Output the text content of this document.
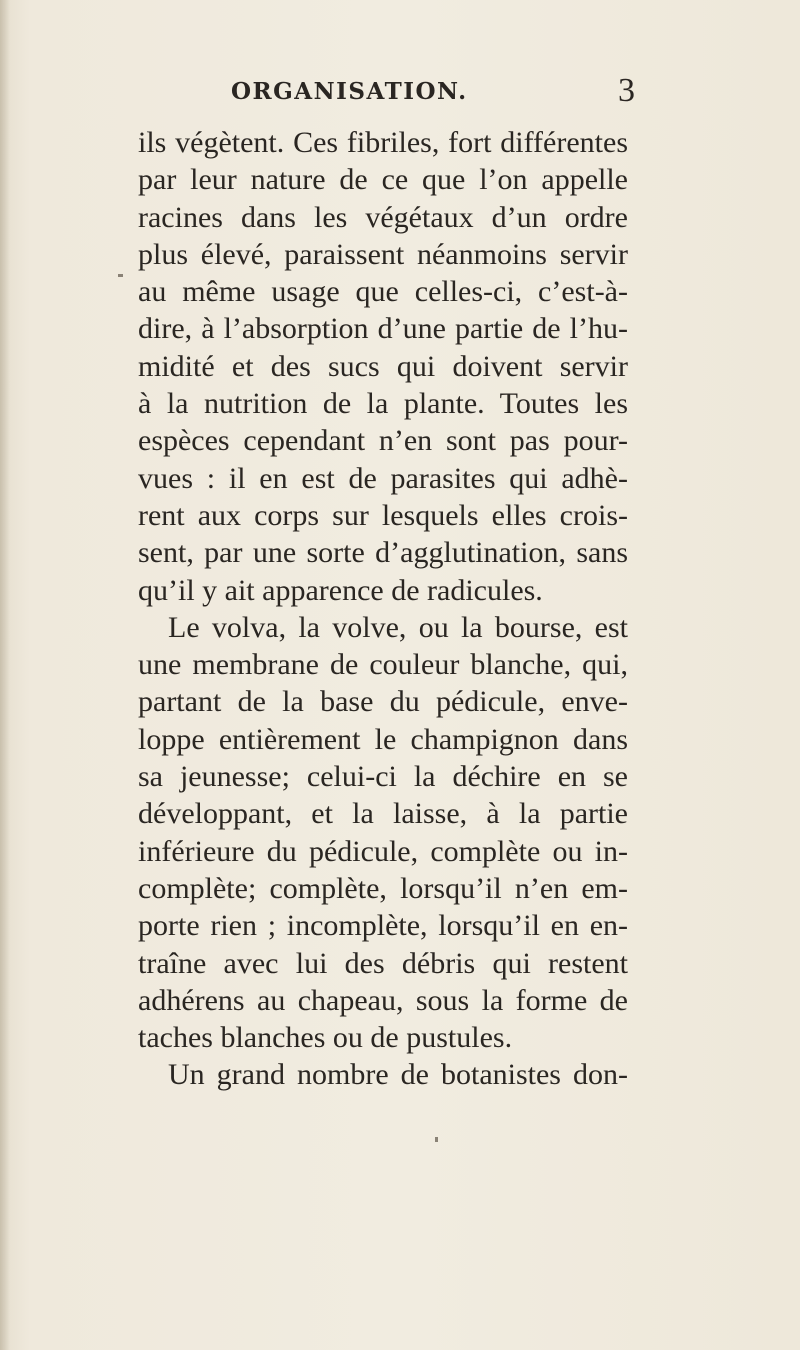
ORGANISATION.	3
ils végètent. Ces fibriles, fort différentes
par leur nature de ce que l’on appelle
racines dans les végétaux d’un ordre
plus élevé, paraissent néanmoins servir
au même usage que celles-ci, c’est-à-
dire, à l’absorption d’une partie de l’hu-
midité et des sucs qui doivent servir
à la nutrition de la plante. Toutes les
espèces cependant n’en sont pas pour-
vues : il en est de parasites qui adhè-
rent aux corps sur lesquels elles crois-
sent, par une sorte d’agglutination, sans
qu’il y ait apparence de radicules.
Le volva, la volve, ou la bourse, est
une membrane de couleur blanche, qui,
partant de la base du pédicule, enve-
loppe entièrement le champignon dans
sa jeunesse; celui-ci la déchire en se
développant, et la laisse, à la partie
inférieure du pédicule, complète ou in-
complète; complète, lorsqu’il n’en em-
porte rien ; incomplète, lorsqu’il en en-
traîne avec lui des débris qui restent
adhérens au chapeau, sous la forme de
taches blanches ou de pustules.
Un grand nombre de botanistes don-
